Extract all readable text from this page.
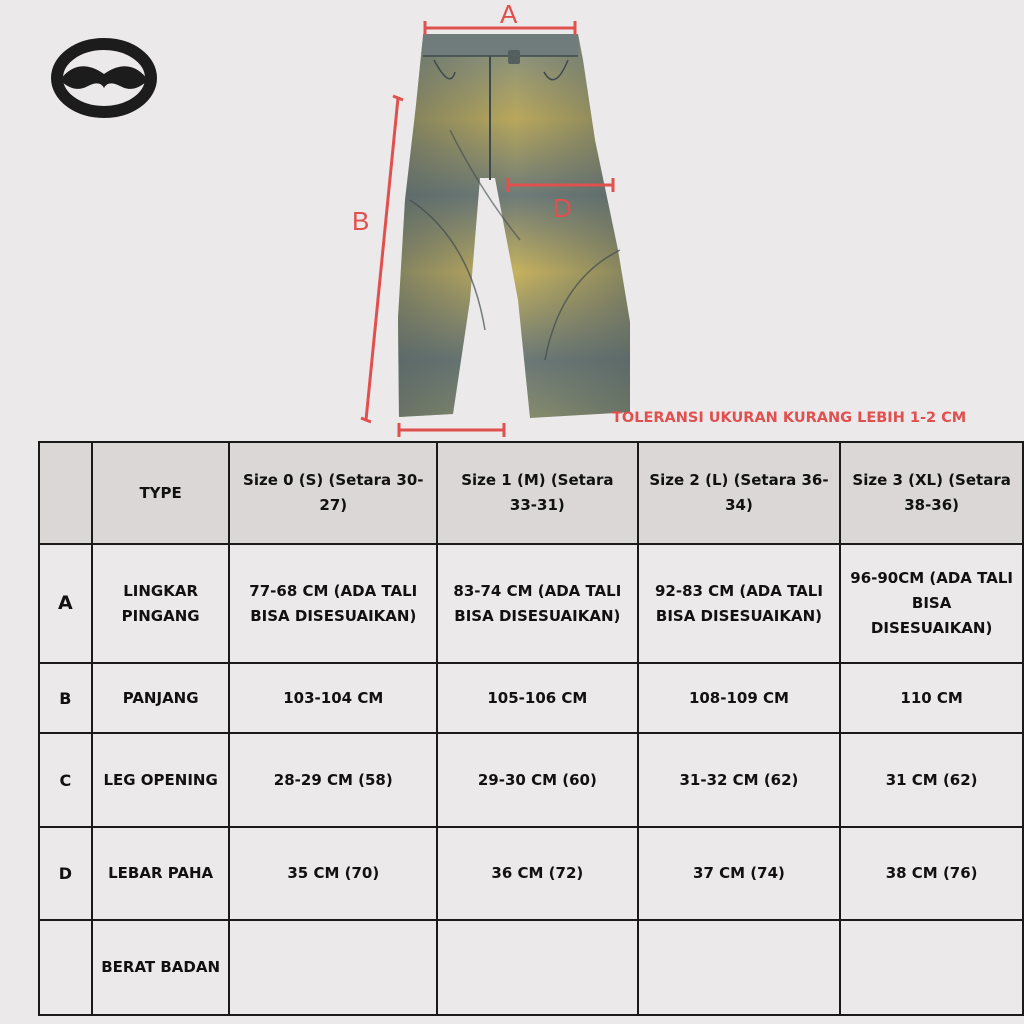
A
B	D
TOLERANSI UKURAN KURANG LEBIH 1-2 CM
	TYPE	Size 0 (S) (Setara 30-27)	Size 1 (M) (Setara 33-31)	Size 2 (L) (Setara 36-34)	Size 3 (XL) (Setara 38-36)
A	LINGKAR PINGANG	77-68 CM (ADA TALI BISA DISESUAIKAN)	83-74 CM (ADA TALI BISA DISESUAIKAN)	92-83 CM (ADA TALI BISA DISESUAIKAN)	96-90CM (ADA TALI BISA DISESUAIKAN)
B	PANJANG	103-104 CM	105-106 CM	108-109 CM	110 CM
C	LEG OPENING	28-29 CM (58)	29-30 CM (60)	31-32 CM (62)	31 CM (62)
D	LEBAR PAHA	35 CM (70)	36 CM (72)	37 CM (74)	38 CM (76)
	BERAT BADAN				
